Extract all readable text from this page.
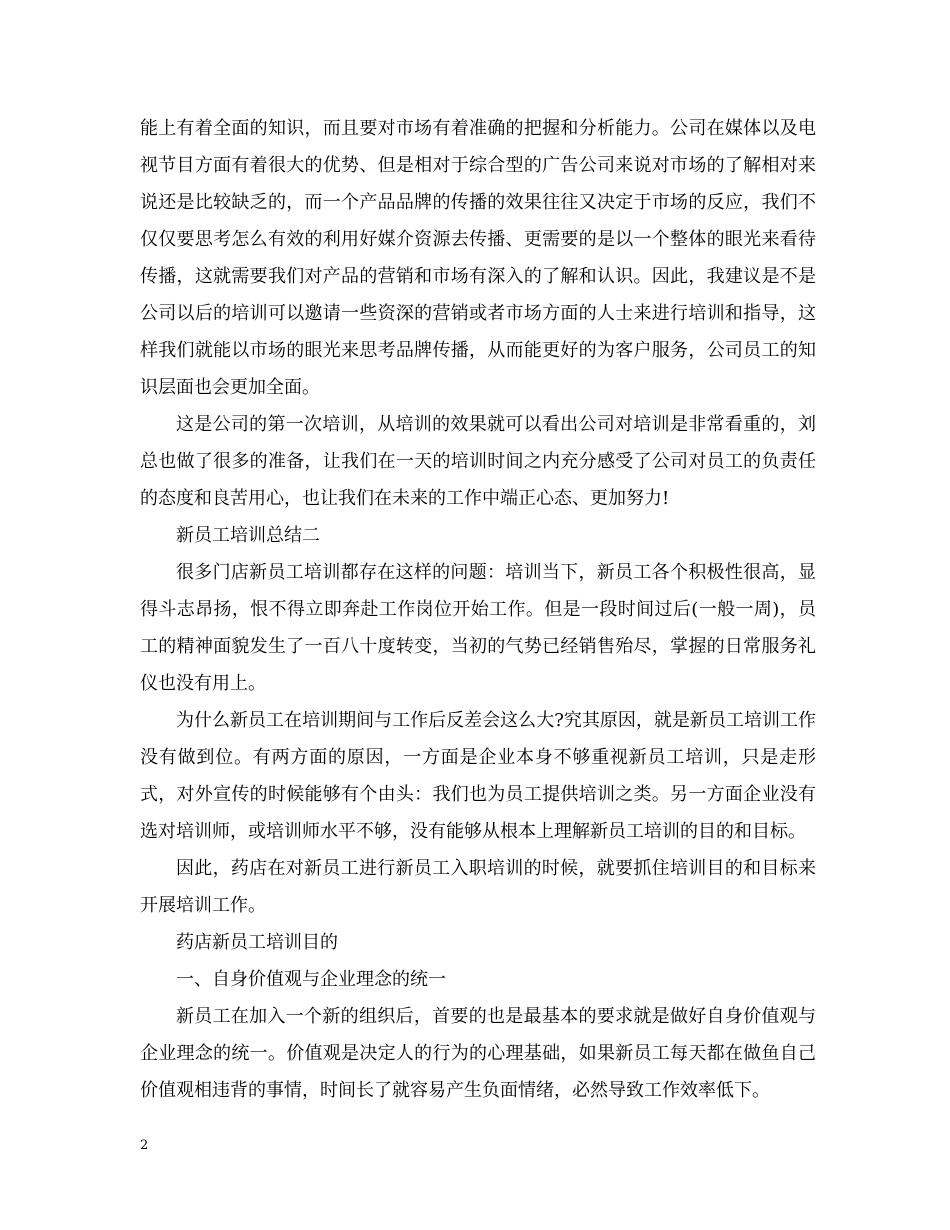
能上有着全面的知识，而且要对市场有着准确的把握和分析能力。公司在媒体以及电视节目方面有着很大的优势、但是相对于综合型的广告公司来说对市场的了解相对来说还是比较缺乏的，而一个产品品牌的传播的效果往往又决定于市场的反应，我们不仅仅要思考怎么有效的利用好媒介资源去传播、更需要的是以一个整体的眼光来看待传播，这就需要我们对产品的营销和市场有深入的了解和认识。因此，我建议是不是公司以后的培训可以邀请一些资深的营销或者市场方面的人士来进行培训和指导，这样我们就能以市场的眼光来思考品牌传播，从而能更好的为客户服务，公司员工的知识层面也会更加全面。

这是公司的第一次培训，从培训的效果就可以看出公司对培训是非常看重的，刘总也做了很多的准备，让我们在一天的培训时间之内充分感受了公司对员工的负责任的态度和良苦用心，也让我们在未来的工作中端正心态、更加努力!

新员工培训总结二

很多门店新员工培训都存在这样的问题：培训当下，新员工各个积极性很高，显得斗志昂扬，恨不得立即奔赴工作岗位开始工作。但是一段时间过后(一般一周)，员工的精神面貌发生了一百八十度转变，当初的气势已经销售殆尽，掌握的日常服务礼仪也没有用上。

为什么新员工在培训期间与工作后反差会这么大?究其原因，就是新员工培训工作没有做到位。有两方面的原因，一方面是企业本身不够重视新员工培训，只是走形式，对外宣传的时候能够有个由头：我们也为员工提供培训之类。另一方面企业没有选对培训师，或培训师水平不够，没有能够从根本上理解新员工培训的目的和目标。

因此，药店在对新员工进行新员工入职培训的时候，就要抓住培训目的和目标来开展培训工作。

药店新员工培训目的

一、自身价值观与企业理念的统一

新员工在加入一个新的组织后，首要的也是最基本的要求就是做好自身价值观与企业理念的统一。价值观是决定人的行为的心理基础，如果新员工每天都在做鱼自己价值观相违背的事情，时间长了就容易产生负面情绪，必然导致工作效率低下。

2
